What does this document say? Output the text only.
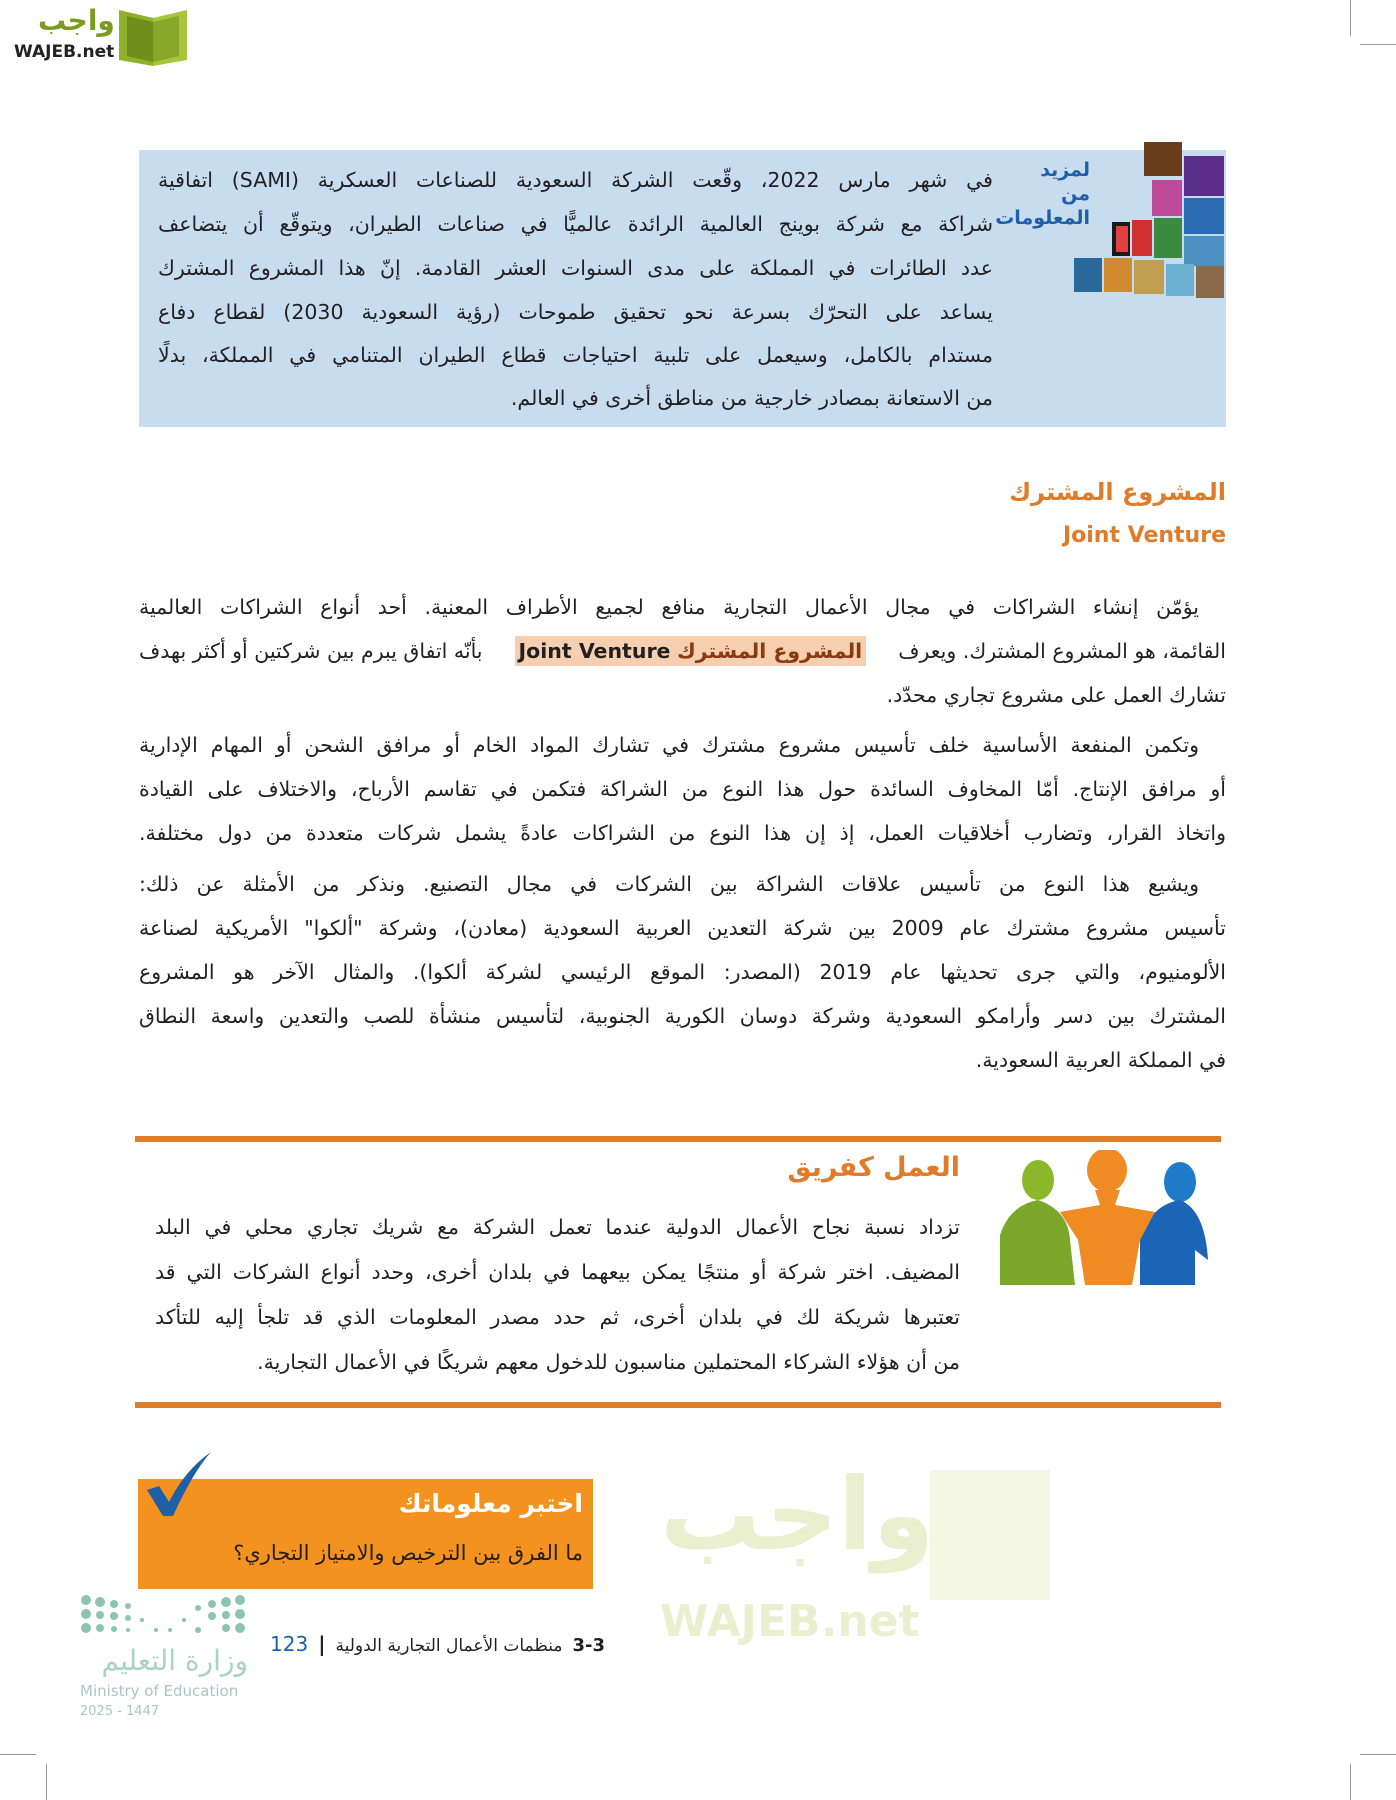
واجب
WAJEB.net
واجب
WAJEB.net
لمزيد من
المعلومات
في شهر مارس 2022، وقّعت الشركة السعودية للصناعات العسكرية (SAMI) اتفاقية
شراكة مع شركة بوينج العالمية الرائدة عالميًّا في صناعات الطيران، ويتوقّع أن يتضاعف
عدد الطائرات في المملكة على مدى السنوات العشر القادمة. إنّ هذا المشروع المشترك
يساعد على التحرّك بسرعة نحو تحقيق طموحات (رؤية السعودية 2030) لقطاع دفاع
مستدام بالكامل، وسيعمل على تلبية احتياجات قطاع الطيران المتنامي في المملكة، بدلًا
من الاستعانة بمصادر خارجية من مناطق أخرى في العالم.
المشروع المشترك
Joint Venture
يؤمّن إنشاء الشراكات في مجال الأعمال التجارية منافع لجميع الأطراف المعنية. أحد أنواع الشراكات العالمية
القائمة، هو المشروع المشترك. ويعرف
المشروع المشترك Joint Venture
بأنّه اتفاق يبرم بين شركتين أو أكثر بهدف
تشارك العمل على مشروع تجاري محدّد.
وتكمن المنفعة الأساسية خلف تأسيس مشروع مشترك في تشارك المواد الخام أو مرافق الشحن أو المهام الإدارية
أو مرافق الإنتاج. أمّا المخاوف السائدة حول هذا النوع من الشراكة فتكمن في تقاسم الأرباح، والاختلاف على القيادة
واتخاذ القرار، وتضارب أخلاقيات العمل، إذ إن هذا النوع من الشراكات عادةً يشمل شركات متعددة من دول مختلفة.
ويشيع هذا النوع من تأسيس علاقات الشراكة بين الشركات في مجال التصنيع. ونذكر من الأمثلة عن ذلك:
تأسيس مشروع مشترك عام 2009 بين شركة التعدين العربية السعودية (معادن)، وشركة "ألكوا" الأمريكية لصناعة
الألومنيوم، والتي جرى تحديثها عام 2019 (المصدر: الموقع الرئيسي لشركة ألكوا). والمثال الآخر هو المشروع
المشترك بين دسر وأرامكو السعودية وشركة دوسان الكورية الجنوبية، لتأسيس منشأة للصب والتعدين واسعة النطاق
في المملكة العربية السعودية.
العمل كفريق
تزداد نسبة نجاح الأعمال الدولية عندما تعمل الشركة مع شريك تجاري محلي في البلد
المضيف. اختر شركة أو منتجًا يمكن بيعهما في بلدان أخرى، وحدد أنواع الشركات التي قد
تعتبرها شريكة لك في بلدان أخرى، ثم حدد مصدر المعلومات الذي قد تلجأ إليه للتأكد
من أن هؤلاء الشركاء المحتملين مناسبون للدخول معهم شريكًا في الأعمال التجارية.
اختبر معلوماتك
ما الفرق بين الترخيص والامتياز التجاري؟
وزارة التعليم
Ministry of Education
2025 - 1447
123 | منظمات الأعمال التجارية الدولية 3-3
